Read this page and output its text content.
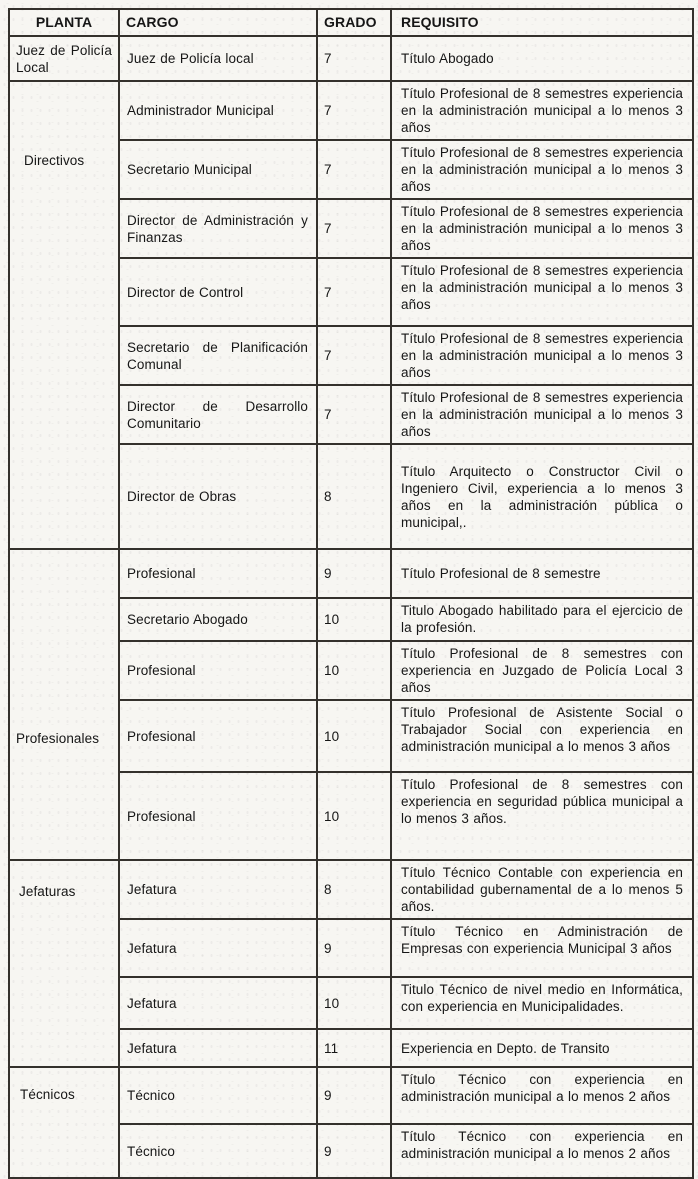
PLANTA	CARGO	GRADO	REQUISITO
Juez de Policía Local	Juez de Policía local	7	Título Abogado
Directivos	Administrador Municipal	7	Título Profesional de 8 semestres experiencia en la administración municipal a lo menos 3 años
	Secretario Municipal	7	Título Profesional de 8 semestres experiencia en la administración municipal a lo menos 3 años
	Director de Administración y Finanzas	7	Título Profesional de 8 semestres experiencia en la administración municipal a lo menos 3 años
	Director de Control	7	Título Profesional de 8 semestres experiencia en la administración municipal a lo menos 3 años
	Secretario de Planificación Comunal	7	Título Profesional de 8 semestres experiencia en la administración municipal a lo menos 3 años
	Director de Desarrollo Comunitario	7	Título Profesional de 8 semestres experiencia en la administración municipal a lo menos 3 años
	Director de Obras	8	Título Arquitecto o Constructor Civil o Ingeniero Civil, experiencia a lo menos 3 años en la administración pública o municipal,.
Profesionales	Profesional	9	Título Profesional de 8 semestre
	Secretario Abogado	10	Titulo Abogado habilitado para el ejercicio de la profesión.
	Profesional	10	Título Profesional de 8 semestres con experiencia en Juzgado de Policía Local 3 años
	Profesional	10	Título Profesional de Asistente Social o Trabajador Social con experiencia en administración municipal a lo menos 3 años
	Profesional	10	Título Profesional de 8 semestres con experiencia en seguridad pública municipal a lo menos 3 años.
Jefaturas	Jefatura	8	Título Técnico Contable con experiencia en contabilidad gubernamental de a lo menos 5 años.
	Jefatura	9	Título Técnico en Administración de Empresas con experiencia Municipal 3 años
	Jefatura	10	Titulo Técnico de nivel medio en Informática, con experiencia en Municipalidades.
	Jefatura	11	Experiencia en Depto. de Transito
Técnicos	Técnico	9	Título Técnico con experiencia en administración municipal a lo menos 2 años
	Técnico	9	Título Técnico con experiencia en administración municipal a lo menos 2 años
